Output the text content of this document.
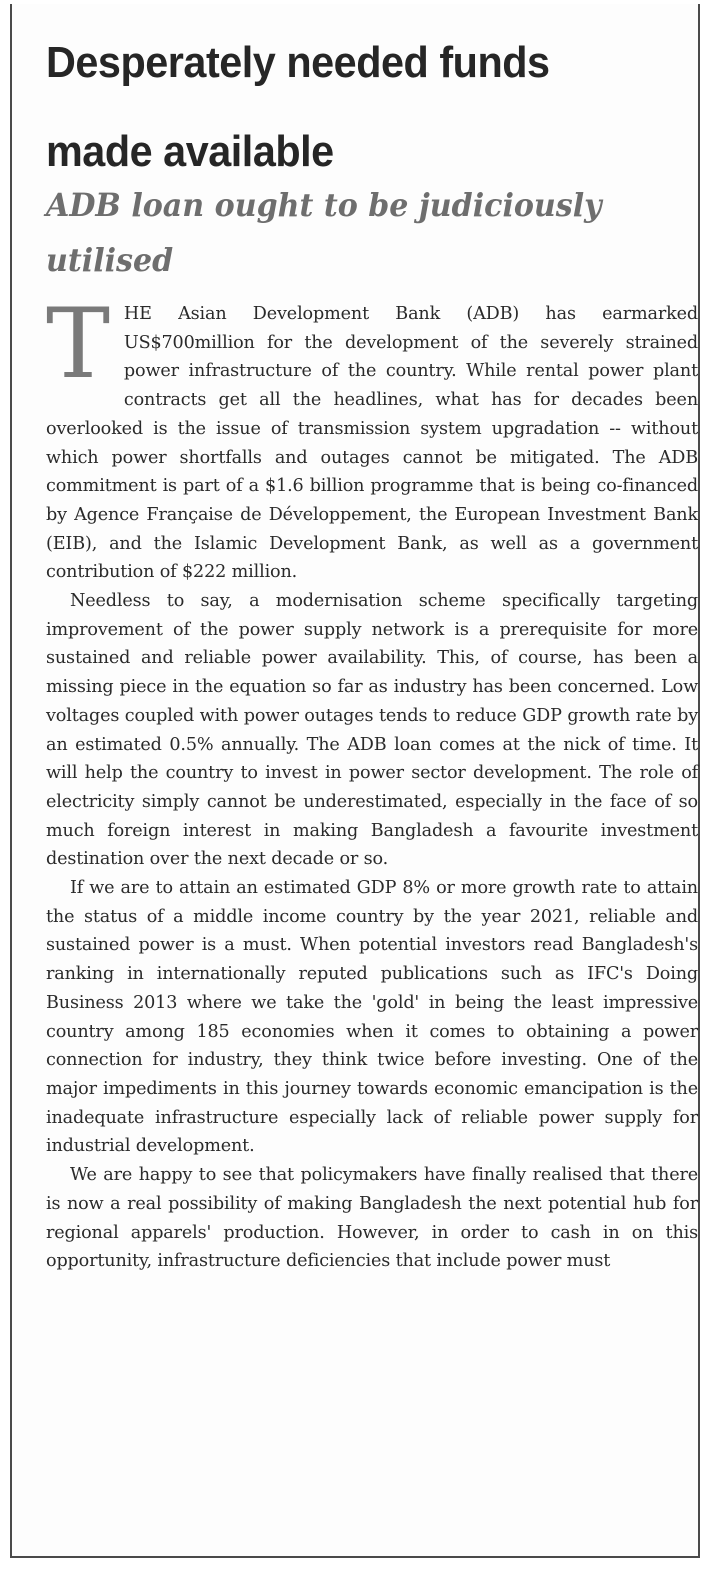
Desperately needed funds made available
ADB loan ought to be judiciously utilised

T HE Asian Development Bank (ADB) has earmarked US$700million for the development of the severely strained power infrastructure of the country. While rental power plant contracts get all the headlines, what has for decades been overlooked is the issue of transmission system upgradation -- without which power shortfalls and outages cannot be mitigated. The ADB commitment is part of a $1.6 billion programme that is being co-financed by Agence Française de Développement, the European Investment Bank (EIB), and the Islamic Development Bank, as well as a government contribution of $222 million.

Needless to say, a modernisation scheme specifically targeting improvement of the power supply network is a prerequisite for more sustained and reliable power availability. This, of course, has been a missing piece in the equation so far as industry has been concerned. Low voltages coupled with power outages tends to reduce GDP growth rate by an estimated 0.5% annually. The ADB loan comes at the nick of time. It will help the country to invest in power sector development. The role of electricity simply cannot be underestimated, especially in the face of so much foreign interest in making Bangladesh a favourite investment destination over the next decade or so.

If we are to attain an estimated GDP 8% or more growth rate to attain the status of a middle income country by the year 2021, reliable and sustained power is a must. When potential investors read Bangladesh's ranking in internationally reputed publications such as IFC's Doing Business 2013 where we take the 'gold' in being the least impressive country among 185 economies when it comes to obtaining a power connection for industry, they think twice before investing. One of the major impediments in this journey towards economic emancipation is the inadequate infrastructure especially lack of reliable power supply for industrial development.

We are happy to see that policymakers have finally realised that there is now a real possibility of making Bangladesh the next potential hub for regional apparels' production. However, in order to cash in on this opportunity, infrastructure deficiencies that include power must
